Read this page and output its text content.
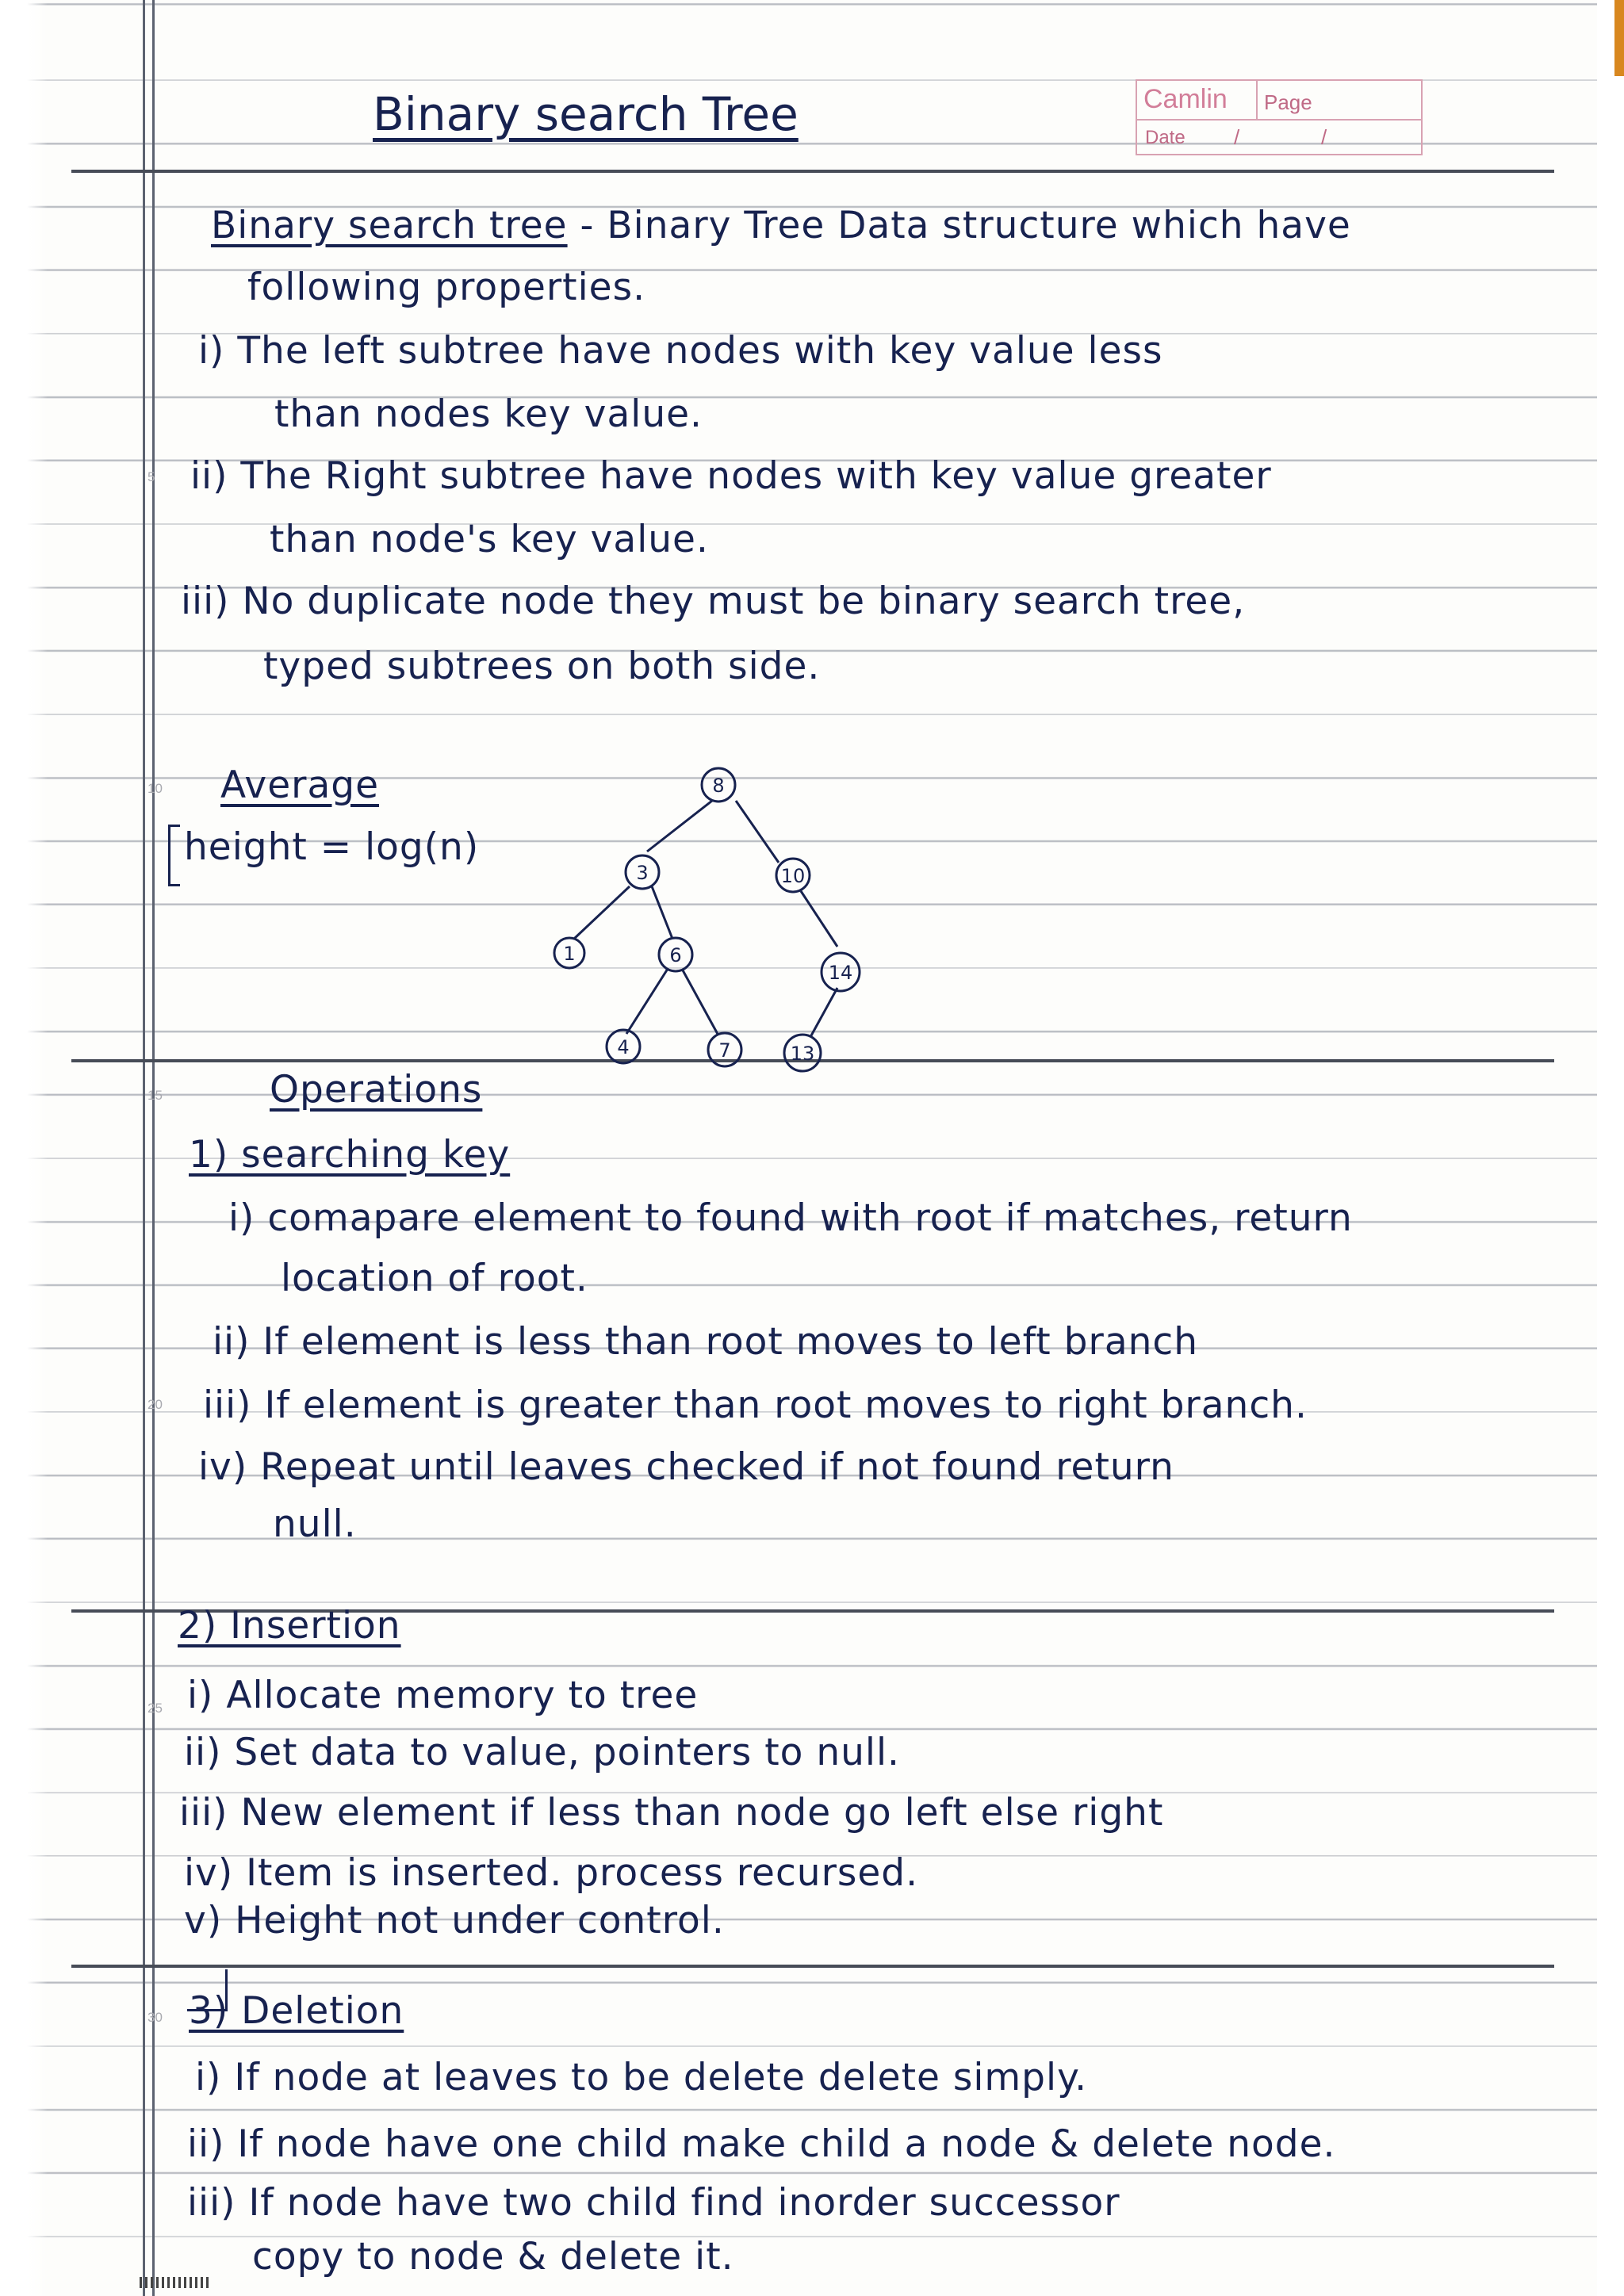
Binary search Tree	Camlin Page
Date /	/
5
10
15
20
25
30
Binary search tree - Binary Tree Data structure which have
following properties.
i) The left subtree have nodes with key value less
than nodes key value.
ii) The Right subtree have nodes with key value greater
than node's key value.
iii) No duplicate node they must be binary search tree,
typed subtrees on both side.
Average
height = log(n)
8
3	10
1	6
14
4	7	13
Operations
1) searching key
i) comapare element to found with root if matches, return
location of root.
ii) If element is less than root moves to left branch
iii) If element is greater than root moves to right branch.
iv) Repeat until leaves checked if not found return
null.
2) Insertion
i) Allocate memory to tree
ii) Set data to value, pointers to null.
iii) New element if less than node go left else right
iv) Item is inserted. process recursed.
v) Height not under control.
3) Deletion
i) If node at leaves to be delete delete simply.
ii) If node have one child make child a node & delete node.
iii) If node have two child find inorder successor
copy to node & delete it.
